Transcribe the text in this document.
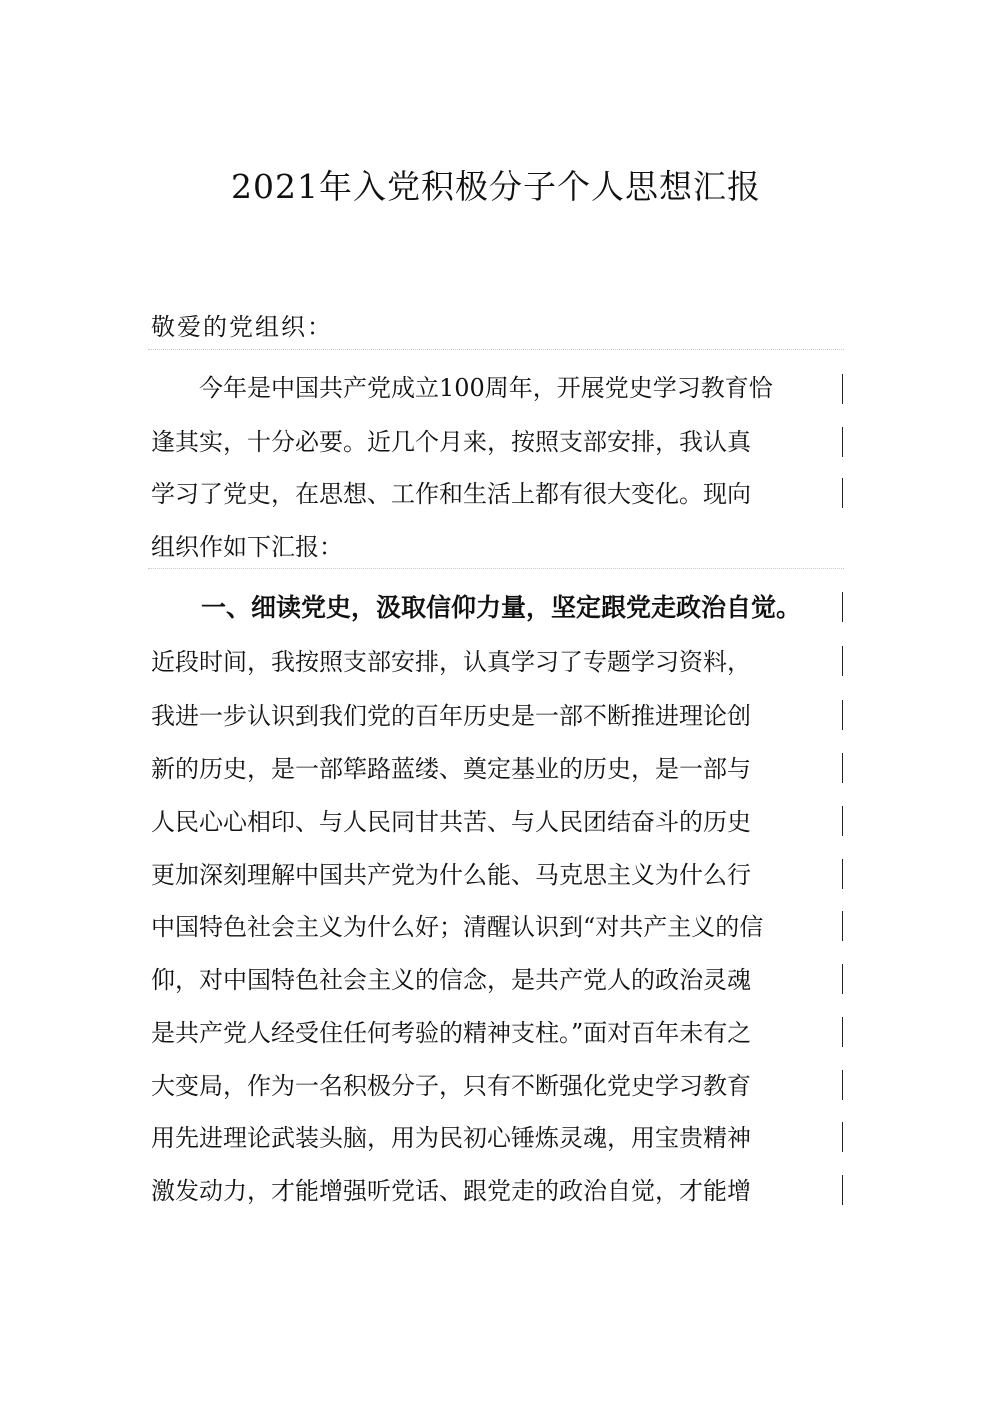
2021年入党积极分子个人思想汇报
敬爱的党组织：
　　今年是中国共产党成立100周年，开展党史学习教育恰
逢其实，十分必要。近几个月来，按照支部安排，我认真
学习了党史，在思想、工作和生活上都有很大变化。现向
组织作如下汇报：
　　一、细读党史，汲取信仰力量，坚定跟党走政治自觉。
近段时间，我按照支部安排，认真学习了专题学习资料，
我进一步认识到我们党的百年历史是一部不断推进理论创
新的历史，是一部筚路蓝缕、奠定基业的历史，是一部与
人民心心相印、与人民同甘共苦、与人民团结奋斗的历史
更加深刻理解中国共产党为什么能、马克思主义为什么行
中国特色社会主义为什么好；清醒认识到“对共产主义的信
仰，对中国特色社会主义的信念，是共产党人的政治灵魂
是共产党人经受住任何考验的精神支柱。”面对百年未有之
大变局，作为一名积极分子，只有不断强化党史学习教育
用先进理论武装头脑，用为民初心锤炼灵魂，用宝贵精神
激发动力，才能增强听党话、跟党走的政治自觉，才能增
